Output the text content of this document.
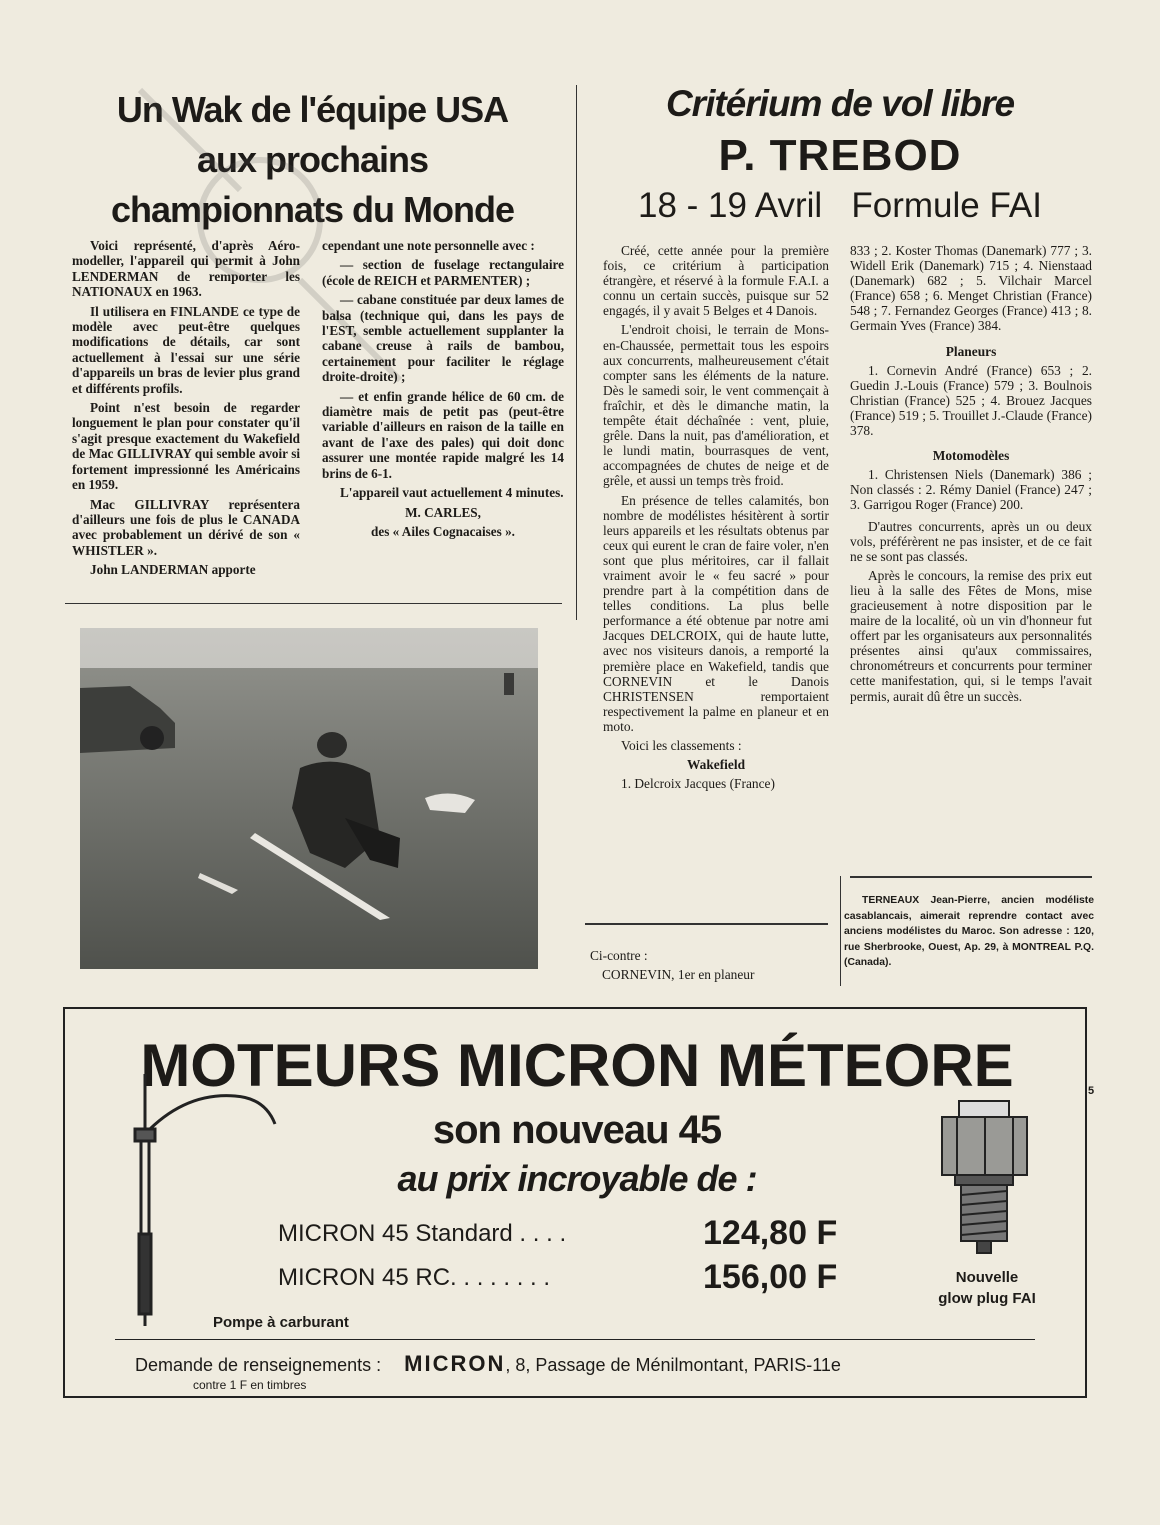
Un Wak de l'équipe USA
aux prochains
championnats du Monde

Voici représenté, d'après Aéro-modeller, l'appareil qui permit à John LENDERMAN de remporter les NATIONAUX en 1963.

Il utilisera en FINLANDE ce type de modèle avec peut-être quelques modifications de détails, car sont actuellement à l'essai sur une série d'appareils un bras de levier plus grand et différents profils.

Point n'est besoin de regarder longuement le plan pour constater qu'il s'agit presque exactement du Wakefield de Mac GILLIVRAY qui semble avoir si fortement impressionné les Américains en 1959.

Mac GILLIVRAY représentera d'ailleurs une fois de plus le CANADA avec probablement un dérivé de son « WHISTLER ».

John LANDERMAN apporte

cependant une note personnelle avec :

— section de fuselage rectangulaire (école de REICH et PARMENTER) ;

— cabane constituée par deux lames de balsa (technique qui, dans les pays de l'EST, semble actuellement supplanter la cabane creuse à rails de bambou, certainement pour faciliter le réglage droite-droite) ;

— et enfin grande hélice de 60 cm. de diamètre mais de petit pas (peut-être variable d'ailleurs en raison de la taille en avant de l'axe des pales) qui doit donc assurer une montée rapide malgré les 14 brins de 6-1.

L'appareil vaut actuellement 4 minutes.

M. CARLES,

des « Ailes Cognacaises ».

Critérium de vol libre
P. TREBOD
18 - 19 Avril   Formule FAI

Créé, cette année pour la première fois, ce critérium à participation étrangère, et réservé à la formule F.A.I. a connu un certain succès, puisque sur 52 engagés, il y avait 5 Belges et 4 Danois.

L'endroit choisi, le terrain de Mons-en-Chaussée, permettait tous les espoirs aux concurrents, malheureusement c'était compter sans les éléments de la nature. Dès le samedi soir, le vent commençait à fraîchir, et dès le dimanche matin, la tempête était déchaînée : vent, pluie, grêle. Dans la nuit, pas d'amélioration, et le lundi matin, bourrasques de vent, accompagnées de chutes de neige et de grêle, et aussi un temps très froid.

En présence de telles calamités, bon nombre de modélistes hésitèrent à sortir leurs appareils et les résultats obtenus par ceux qui eurent le cran de faire voler, n'en sont que plus méritoires, car il fallait vraiment avoir le « feu sacré » pour prendre part à la compétition dans de telles conditions. La plus belle performance a été obtenue par notre ami Jacques DELCROIX, qui de haute lutte, avec nos visiteurs danois, a remporté la première place en Wakefield, tandis que CORNEVIN et le Danois CHRISTENSEN remportaient respectivement la palme en planeur et en moto.

Voici les classements :

Wakefield

1. Delcroix Jacques (France)

Ci-contre :
CORNEVIN, 1er en planeur

833 ; 2. Koster Thomas (Danemark) 777 ; 3. Widell Erik (Danemark) 715 ; 4. Nienstaad (Danemark) 682 ; 5. Vilchair Marcel (France) 658 ; 6. Menget Christian (France) 548 ; 7. Fernandez Georges (France) 413 ; 8. Germain Yves (France) 384.

Planeurs

1. Cornevin André (France) 653 ; 2. Guedin J.-Louis (France) 579 ; 3. Boulnois Christian (France) 525 ; 4. Brouez Jacques (France) 519 ; 5. Trouillet J.-Claude (France) 378.

Motomodèles

1. Christensen Niels (Danemark) 386 ; Non classés : 2. Rémy Daniel (France) 247 ; 3. Garrigou Roger (France) 200.

D'autres concurrents, après un ou deux vols, préférèrent ne pas insister, et de ce fait ne se sont pas classés.

Après le concours, la remise des prix eut lieu à la salle des Fêtes de Mons, mise gracieusement à notre disposition par le maire de la localité, où un vin d'honneur fut offert par les organisateurs aux personnalités présentes ainsi qu'aux commissaires, chronométreurs et concurrents pour terminer cette manifestation, qui, si le temps l'avait permis, aurait dû être un succès.

TERNEAUX Jean-Pierre, ancien modéliste casablancais, aimerait reprendre contact avec anciens modélistes du Maroc. Son adresse : 120, rue Sherbrooke, Ouest, Ap. 29, à MONTREAL P.Q. (Canada).

MOTEURS MICRON MÉTEORE
son nouveau 45
au prix incroyable de :
MICRON 45 Standard . . . .	124,80 F
MICRON 45 RC. . . . . . . .	156,00 F
Pompe à carburant
Nouvelle glow plug FAI
Demande de renseignements : MICRON, 8, Passage de Ménilmontant, PARIS-11e
contre 1 F en timbres
5
